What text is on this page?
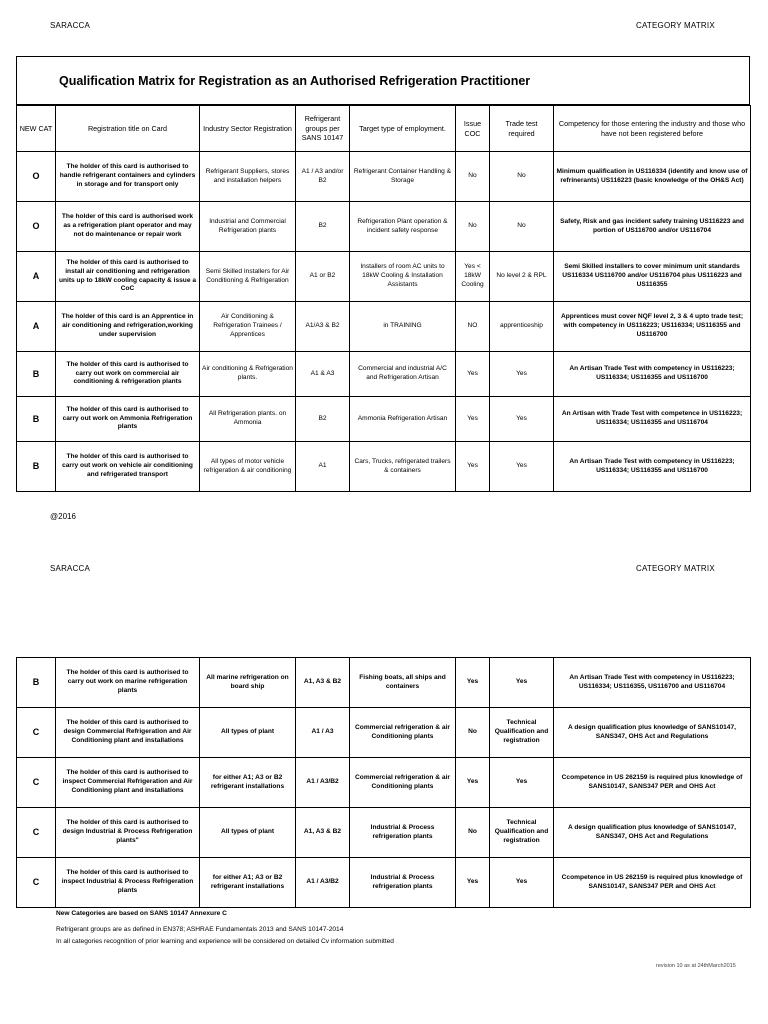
SARACCA	CATEGORY MATRIX
Qualification Matrix for Registration as an Authorised Refrigeration Practitioner
NEW CAT	Registration title on Card	Industry Sector Registration	Refrigerant groups per SANS 10147	Target type of employment.	Issue COC	Trade test required	Competency for those entering the industry and those who have not been registered before
O	The holder of this card is authorised to handle refrigerant containers and cylinders in storage and for transport only	Refrigerant Suppliers, stores and installation helpers	A1 / A3 and/or B2	Refrigerant Container Handling & Storage	No	No	Minimum qualification in US116334 (identify and know use of refrinerants) US116223 (basic knowledge of the OH&S Act)
O	The holder of this card is authorised work as a refrigeration plant operator and may not do maintenance or repair work	Industrial and Commercial Refrigeration plants	B2	Refrigeration Plant operation & incident safety response	No	No	Safety, Risk and gas incident safety training US116223 and portion of US116700 and/or US116704
A	The holder of this card is authorised to install air conditioning and refrigeration units up to 18kW cooling capacity & issue a CoC	Semi Skilled Installers for Air Conditioning & Refrigeration	A1 or B2	Installers of room AC units to 18kW Cooling & Installation Assistants	Yes < 18kW Cooling	No level 2 & RPL	Semi Skilled installers to cover minimum unit standards US116334 US116700 and/or US116704 plus US116223 and US116355
A	The holder of this card is an Apprentice in air conditioning and refrigeration,working under supervision	Air Conditioning & Refrigeration Trainees / Apprentices	A1/A3 & B2	in TRAINING	NO	apprenticeship	Apprentices must cover NQF level 2, 3 & 4 upto trade test; with competency in US116223; US116334; US116355 and US116700
B	The holder of this card is authorised to carry out work on commercial air conditioning & refrigeration plants	Air conditioning & Refrigeration plants.	A1 & A3	Commercial and industrial A/C and Refrigeration Artisan	Yes	Yes	An Artisan Trade Test with competency in US116223; US116334; US116355 and US116700
B	The holder of this card is authorised to carry out work on Ammonia Refrigeration plants	All Refrigeration plants. on Ammonia	B2	Ammonia Refrigeration Artisan	Yes	Yes	An Artisan with Trade Test with competence in US116223; US116334; US116355 and US116704
B	The holder of this card is authorised to carry out work on vehicle air conditioning and refrigerated transport	All types of motor vehicle refrigeration & air conditioning	A1	Cars, Trucks, refrigerated trailers & containers	Yes	Yes	An Artisan Trade Test with competency in US116223; US116334; US116355 and US116700
@2016
SARACCA	CATEGORY MATRIX
B	The holder of this card is authorised to carry out work on marine refrigeration plants	All marine refrigeration on board ship	A1, A3 & B2	Fishing boats, all ships and containers	Yes	Yes	An Artisan Trade Test with competency in US116223; US116334; US116355, US116700 and US116704
C	The holder of this card is authorised to design Commercial Refrigeration and Air Conditioning plant and installations	All types of plant	A1 / A3	Commercial refrigeration & air Conditioning plants	No	Technical Qualification and registration	A design qualification plus knowledge of SANS10147, SANS347, OHS Act and Regulations
C	The holder of this card is authorised to inspect Commercial Refrigeration and Air Conditioning plant and installations	for either A1; A3 or B2 refrigerant installations	A1 / A3/B2	Commercial refrigeration & air Conditioning plants	Yes	Yes	Ccompetence in US 262159 is required plus knowledge of SANS10147, SANS347 PER and OHS Act
C	The holder of this card is authorised to design Industrial & Process Refrigeration plants"	All types of plant	A1, A3 & B2	Industrial & Process refrigeration plants	No	Technical Qualification and registration	A design qualification plus knowledge of SANS10147, SANS347, OHS Act and Regulations
C	The holder of this card is authorised to inspect Industrial & Process Refrigeration plants	for either A1; A3 or B2 refrigerant installations	A1 / A3/B2	Industrial & Process refrigeration plants	Yes	Yes	Ccompetence in US 262159 is required plus knowledge of SANS10147, SANS347 PER and OHS Act
New Categories are based on SANS 10147 Annexure C
Refrigerant groups are as defined in EN378; ASHRAE Fundamentals 2013 and SANS 10147-2014
In all categories recognition of prior learning and experience will be considered on detailed Cv information submitted
revision 10 as at 24thMarch2015
